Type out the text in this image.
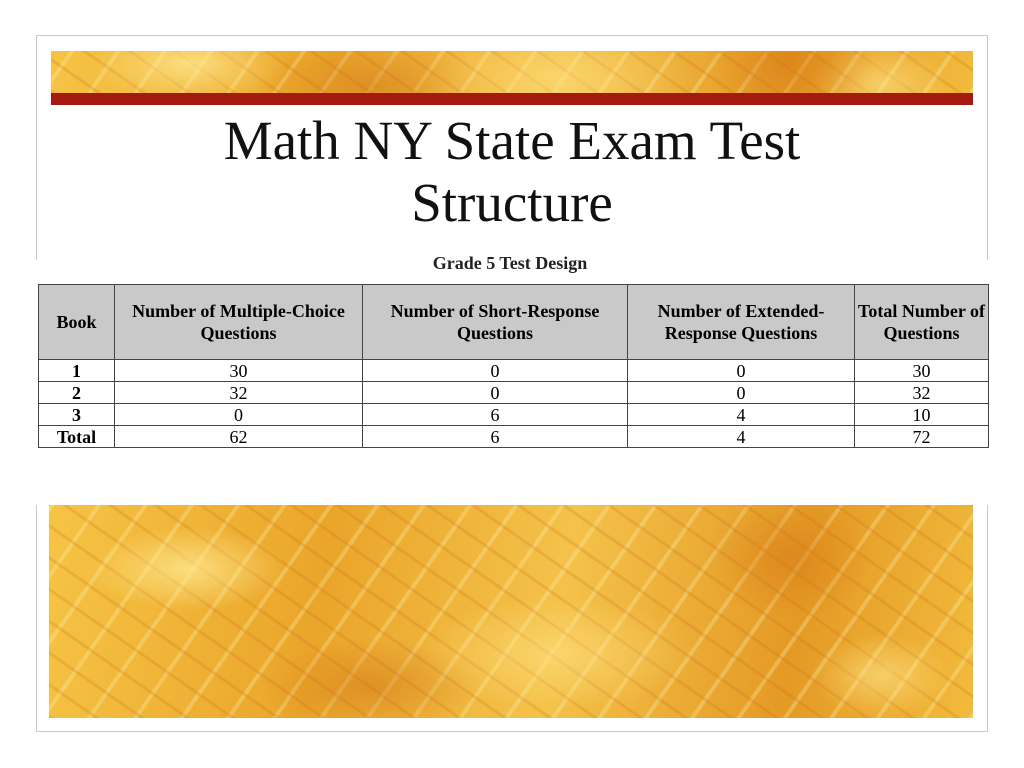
Math NY State Exam Test
Structure
Grade 5 Test Design
Book	Number of Multiple-Choice Questions	Number of Short-Response Questions	Number of Extended-Response Questions	Total Number of Questions
1	30	0	0	30
2	32	0	0	32
3	0	6	4	10
Total	62	6	4	72
